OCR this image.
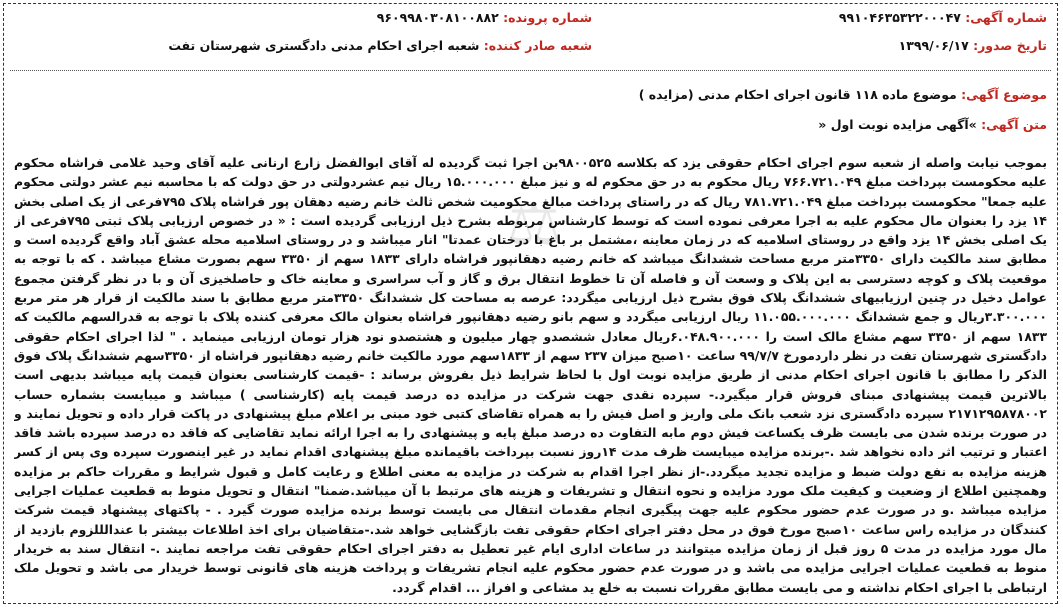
⚖
شماره آگهی: ۹۹۱۰۴۶۳۵۳۲۲۰۰۰۴۷
شماره پرونده: ۹۶۰۹۹۸۰۳۰۸۱۰۰۸۸۲
تاریخ صدور: ۱۳۹۹/۰۶/۱۷
شعبه صادر کننده: شعبه اجرای احکام مدنی دادگستری شهرستان تفت
موضوع آگهی: موضوع ماده ۱۱۸ قانون اجرای احکام مدنی (مزایده )
متن آگهی: »آگهی مزایده نوبت اول «
بموجب نیابت واصله از شعبه سوم اجرای احکام حقوقی یزد که بکلاسه ۹۸۰۰۵۲۵بن اجرا ثبت گردیده له آقای ابوالفضل زارع ارنانی علیه آقای وحید غلامی فراشاه محکوم علیه محکومست بپرداخت مبلغ ۷۶۶.۷۲۱.۰۴۹ ریال محکوم به در حق محکوم له و نیز مبلغ ۱۵.۰۰۰.۰۰۰ ریال نیم عشردولتی در حق دولت که با محاسبه نیم عشر دولتی محکوم علیه جمعا" محکومست بپرداخت مبلغ ۷۸۱.۷۲۱.۰۴۹ ریال که در راستای پرداخت مبالغ محکومیت شخص ثالث خانم رضیه دهقان پور فراشاه پلاک ۷۹۵فرعی از یک اصلی بخش ۱۴ یزد را بعنوان مال محکوم علیه به اجرا معرفی نموده است که توسط کارشناس مربوطه بشرح ذیل ارزیابی گردیده است : « در خصوص ارزیابی پلاک ثبتی ۷۹۵فرعی از یک اصلی بخش ۱۴ یزد واقع در روستای اسلامیه که در زمان معاینه ،مشتمل بر باغ با درختان عمدتا" انار میباشد و در روستای اسلامیه محله عشق آباد واقع گردیده است و مطابق سند مالکیت دارای ۳۳۵۰متر مربع مساحت ششدانگ میباشد که خانم رضیه دهقانپور فراشاه دارای ۱۸۳۳ سهم از ۳۳۵۰ سهم بصورت مشاع میباشد . که با توجه به موقعیت پلاک و کوچه دسترسی به این پلاک و وسعت آن و فاصله آن تا خطوط انتقال برق و گاز و آب سراسری و معاینه خاک و حاصلخیزی آن و با در نظر گرفتن مجموع عوامل دخیل در چنین ارزیابیهای ششدانگ پلاک فوق بشرح ذیل ارزیابی میگردد: عرصه به مساحت کل ششدانگ ۳۳۵۰متر مربع مطابق با سند مالکیت از قرار هر متر مربع ۳.۳۰۰.۰۰۰ریال و جمع ششدانگ ۱۱.۰۵۵.۰۰۰.۰۰۰ ریال ارزیابی میگردد و سهم بانو رضیه دهقانپور فراشاه بعنوان مالک معرفی کننده پلاک با توجه به قدرالسهم مالکیت که ۱۸۳۳ سهم از ۳۳۵۰ سهم مشاع مالک است را ۶.۰۴۸.۹۰۰.۰۰۰ریال معادل ششصدو چهار میلیون و هشتصدو نود هزار تومان ارزیابی مینماید . " لذا اجرای احکام حقوقی دادگستری شهرستان تفت در نظر داردمورخ ۹۹/۷/۷ ساعت ۱۰صبح میزان ۲۳۷ سهم از ۱۸۳۳سهم مورد مالکیت خانم رضیه دهقانپور فراشاه از ۳۳۵۰سهم ششدانگ پلاک فوق الذکر را مطابق با قانون اجرای احکام مدنی از طریق مزایده نوبت اول با لحاظ شرایط ذیل بفروش برساند : -قیمت کارشناسی بعنوان قیمت پایه میباشد بدیهی است بالاترین قیمت پیشنهادی مبنای فروش قرار میگیرد.- سپرده نقدی جهت شرکت در مزایده ده درصد قیمت پایه (کارشناسی ) میباشد و میبایست بشماره حساب ۲۱۷۱۲۹۵۸۷۸۰۰۲ سپرده دادگستری نزد شعب بانک ملی واریز و اصل فیش را به همراه تقاضای کتبی خود مبنی بر اعلام مبلغ پیشنهادی در پاکت قرار داده و تحویل نمایند و در صورت برنده شدن می بایست ظرف یکساعت فیش دوم مابه التفاوت ده درصد مبلغ پایه و پیشنهادی را به اجرا ارائه نماید تقاضایی که فاقد ده درصد سپرده باشد فاقد اعتبار و ترتیب اثر داده نخواهد شد .-برنده مزایده میبایست ظرف مدت ۱۴روز نسبت بپرداخت باقیمانده مبلغ پیشنهادی اقدام نماید در غیر اینصورت سپرده وی پس از کسر هزینه مزایده به نفع دولت ضبط و مزایده تجدید میگردد.-از نظر اجرا اقدام به شرکت در مزایده به معنی اطلاع و رعایت کامل و قبول شرایط و مقررات حاکم بر مزایده وهمچنین اطلاع از وضعیت و کیفیت ملک مورد مزایده و نحوه انتقال و تشریفات و هزینه های مرتبط با آن میباشد.ضمنا" انتقال و تحویل منوط به قطعیت عملیات اجرایی مزایده میباشد .و در صورت عدم حضور محکوم علیه جهت پیگیری انجام مقدمات انتقال می بایست توسط برنده مزایده صورت گیرد . - پاکتهای پیشنهاد قیمت شرکت کنندگان در مزایده راس ساعت ۱۰صبح مورخ فوق در محل دفتر اجرای احکام حقوقی تفت بازگشایی خواهد شد.-متقاضیان برای اخذ اطلاعات بیشتر با عندالللزوم بازدید از مال مورد مزایده در مدت ۵ روز قبل از زمان مزایده میتوانند در ساعات اداری ایام غیر تعطیل به دفتر اجرای احکام حقوقی تفت مراجعه نمایند .- انتقال سند به خریدار منوط به قطعیت عملیات اجرایی مزایده می باشد و در صورت عدم حضور محکوم علیه انجام تشریفات و پرداخت هزینه های قانونی توسط خریدار می باشد و تحویل ملک ارتباطی با اجرای احکام نداشته و می بایست مطابق مقررات نسبت به خلع ید مشاعی و افراز ... اقدام گردد.
